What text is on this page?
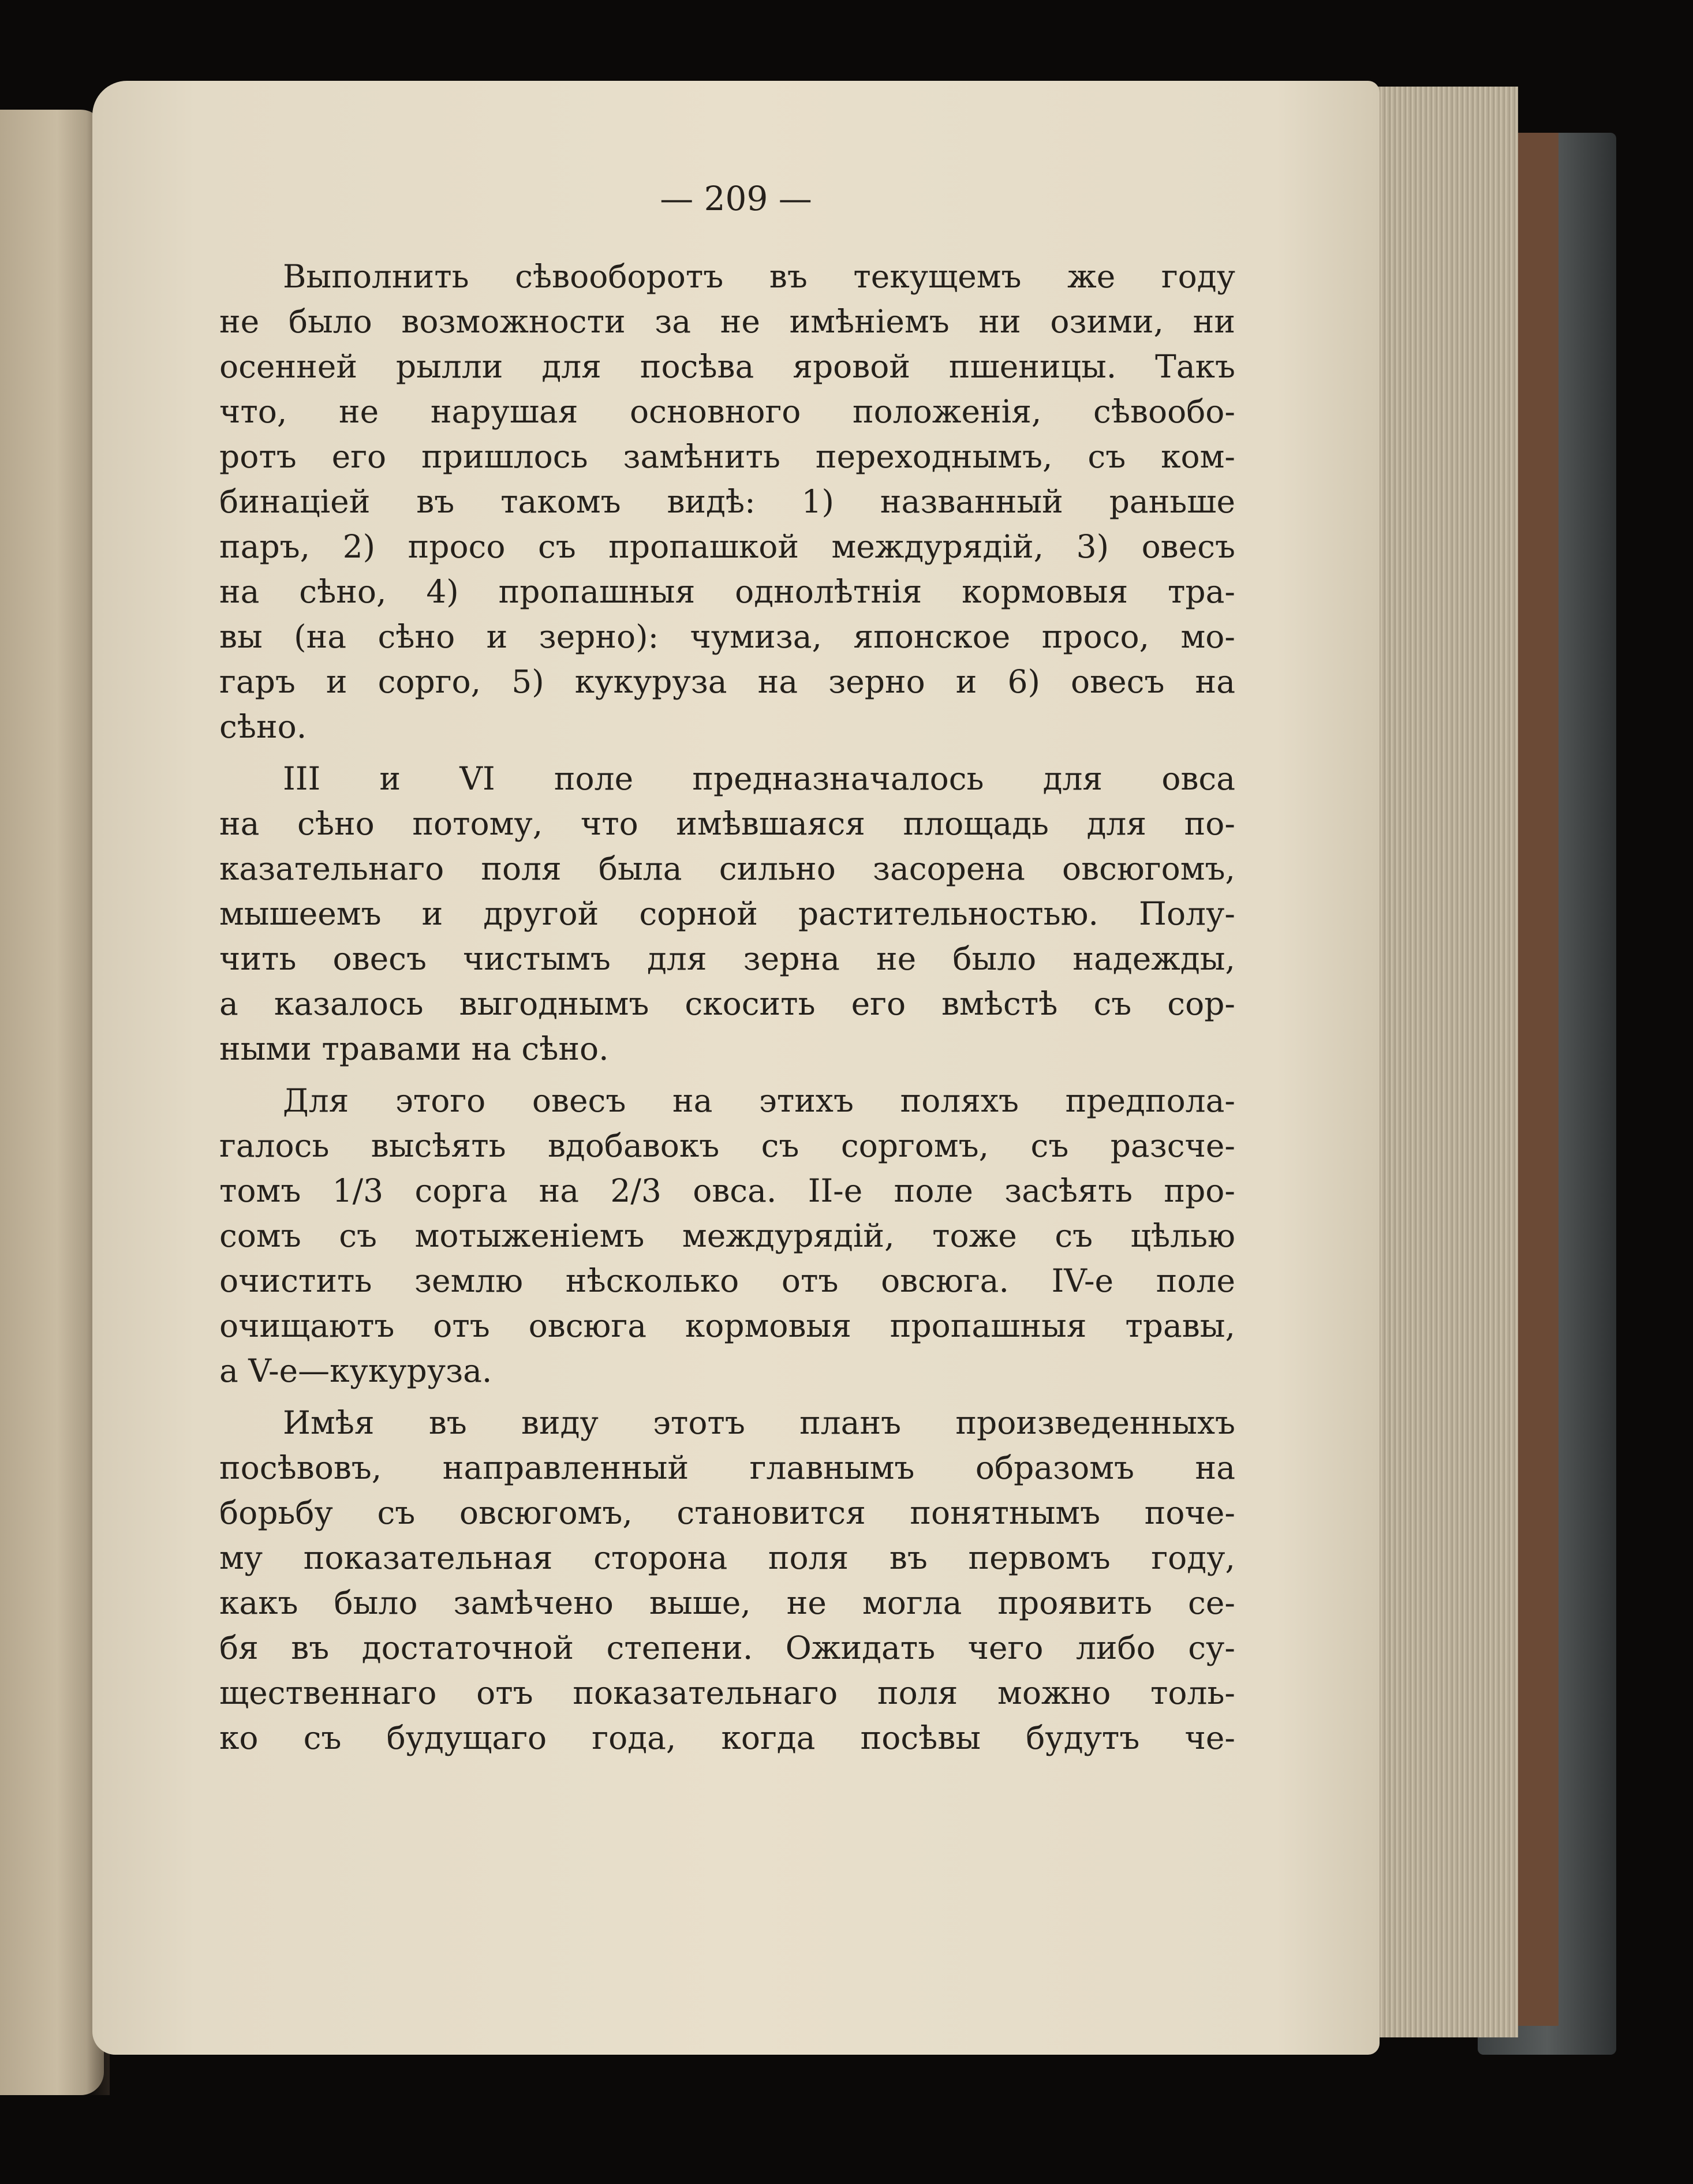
— 209 —
Выполнить сѣвооборотъ въ текущемъ же году
не было возможности за не имѣніемъ ни озими, ни
осенней рылли для посѣва яровой пшеницы. Такъ
что, не нарушая основного положенія, сѣвообо-
ротъ его пришлось замѣнить переходнымъ, съ ком-
бинаціей въ такомъ видѣ: 1) названный раньше
паръ, 2) просо съ пропашкой междурядій, 3) овесъ
на сѣно, 4) пропашныя однолѣтнія кормовыя тра-
вы (на сѣно и зерно): чумиза, японское просо, мо-
гаръ и сорго, 5) кукуруза на зерно и 6) овесъ на
сѣно.
III и VI поле предназначалось для овса
на сѣно потому, что имѣвшаяся площадь для по-
казательнаго поля была сильно засорена овсюгомъ,
мышеемъ и другой сорной растительностью. Полу-
чить овесъ чистымъ для зерна не было надежды,
а казалось выгоднымъ скосить его вмѣстѣ съ сор-
ными травами на сѣно.
Для этого овесъ на этихъ поляхъ предпола-
галось высѣять вдобавокъ съ соргомъ, съ разсче-
томъ 1/3 сорга на 2/3 овса. II-е поле засѣять про-
сомъ съ мотыженіемъ междурядій, тоже съ цѣлью
очистить землю нѣсколько отъ овсюга. IV-е поле
очищаютъ отъ овсюга кормовыя пропашныя травы,
а V-е—кукуруза.
Имѣя въ виду этотъ планъ произведенныхъ
посѣвовъ, направленный главнымъ образомъ на
борьбу съ овсюгомъ, становится понятнымъ поче-
му показательная сторона поля въ первомъ году,
какъ было замѣчено выше, не могла проявить се-
бя въ достаточной степени. Ожидать чего либо су-
щественнаго отъ показательнаго поля можно толь-
ко съ будущаго года, когда посѣвы будутъ че-
